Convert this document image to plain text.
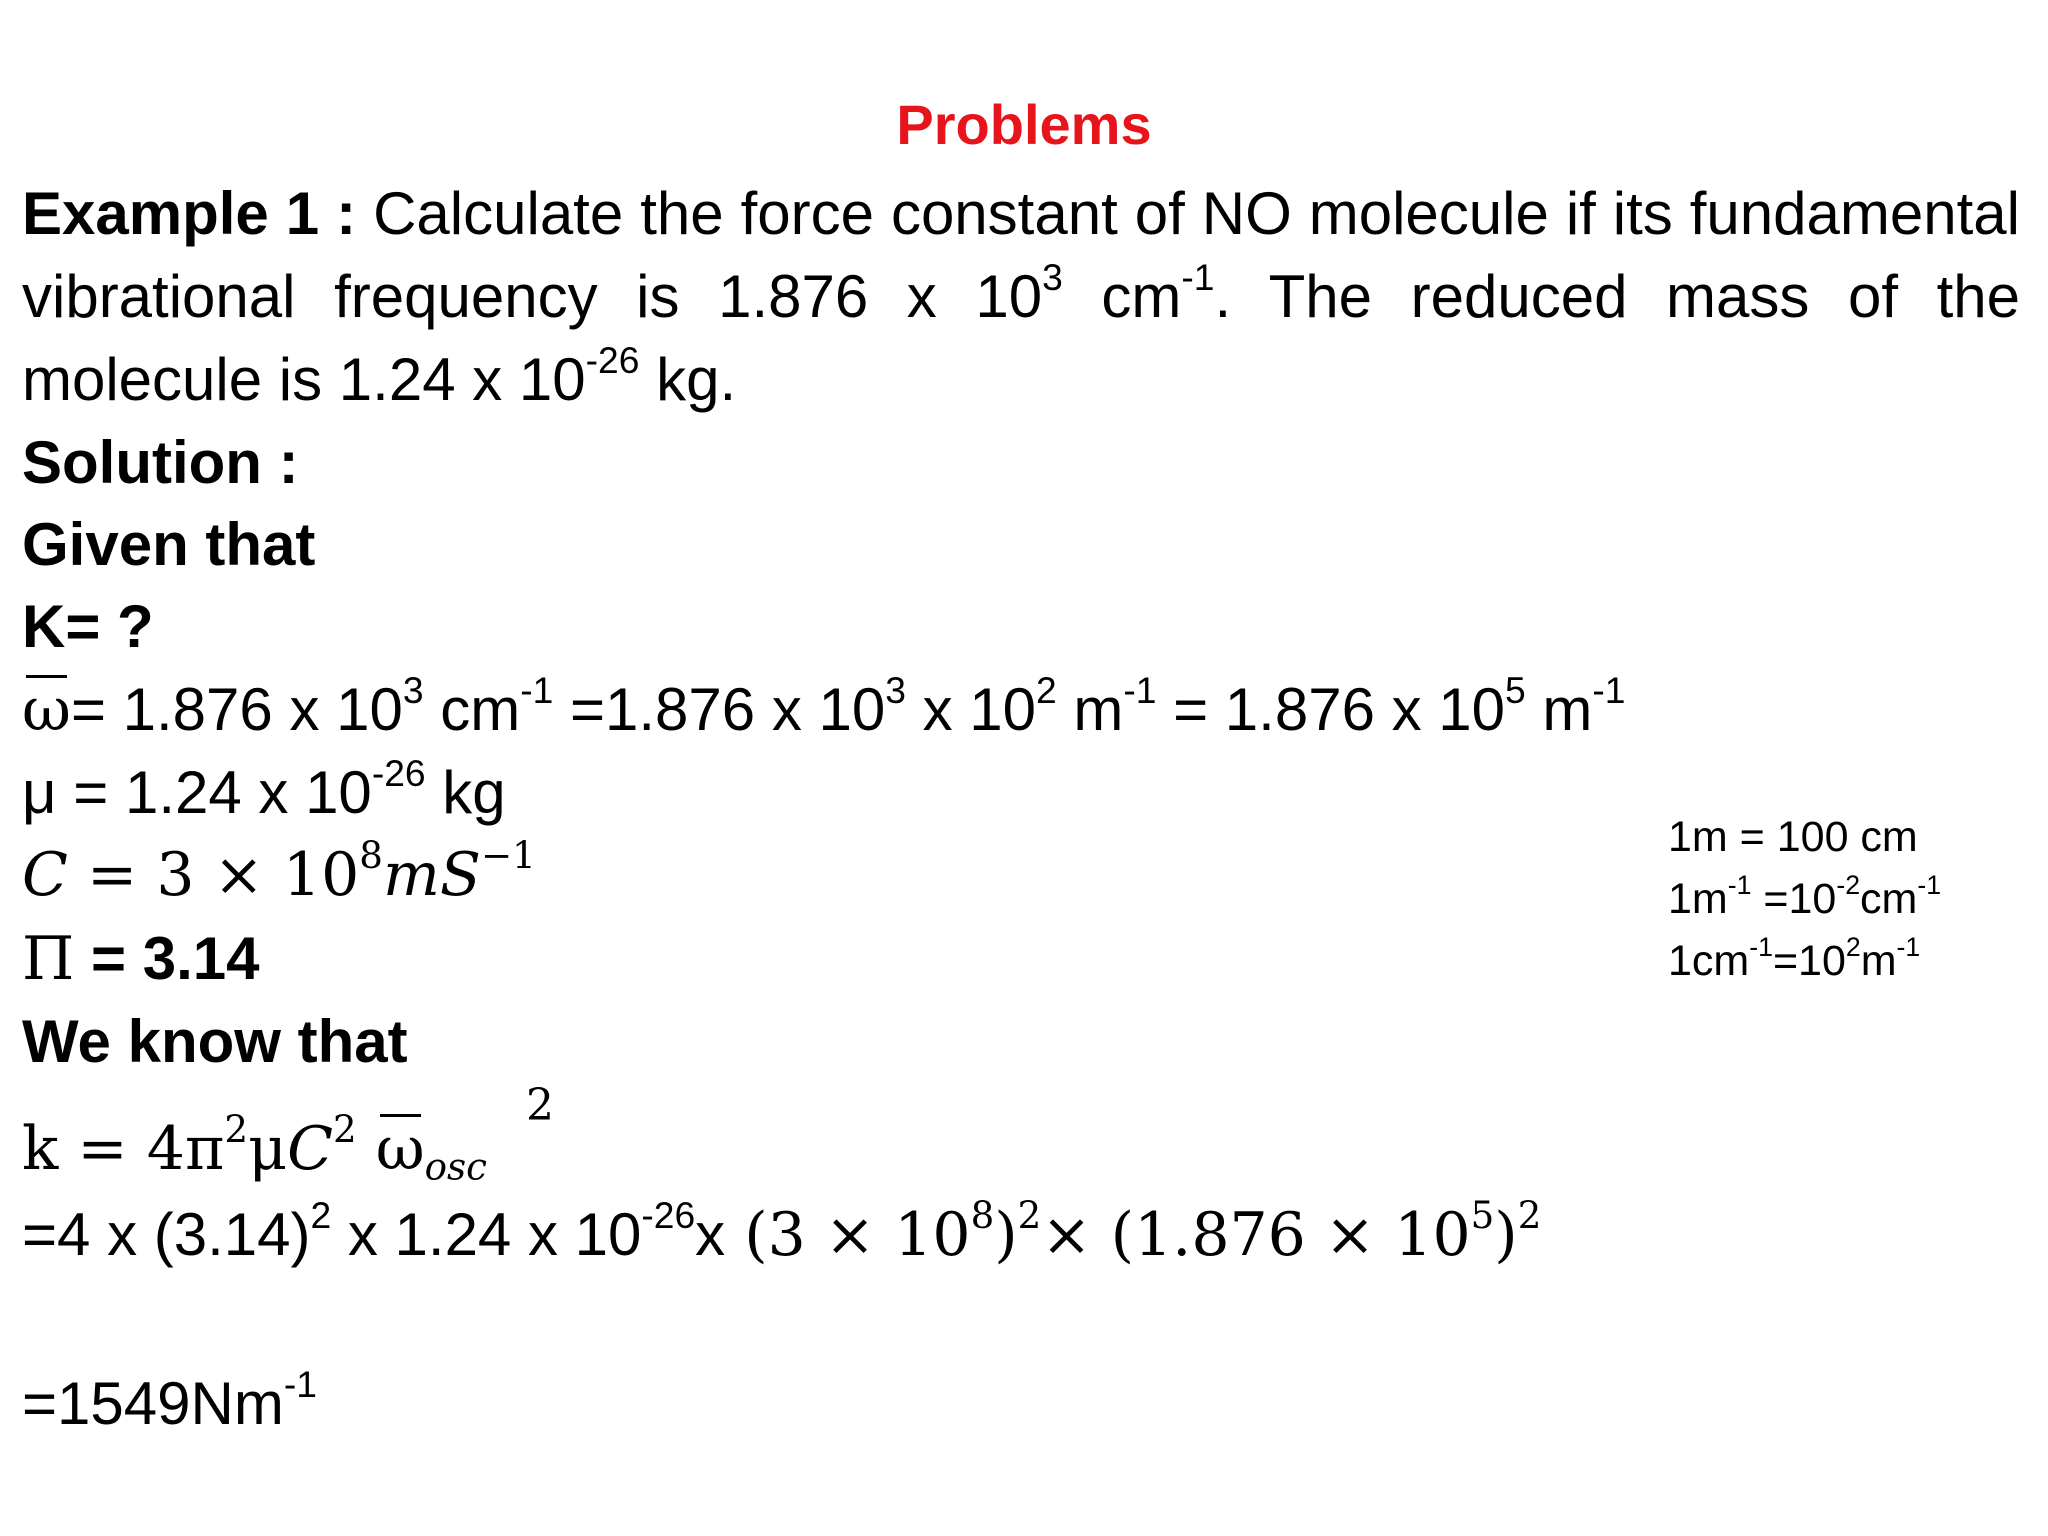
Problems
Example 1 : Calculate the force constant of NO molecule if its fundamental vibrational frequency is 1.876 x $10^3$ $cm^{-1}$. The reduced mass of the molecule is 1.24 x $10^{-26}$ kg.
Solution :
Given that
K= ?
ω= 1.876 x $10^3$ $cm^{-1} =1.876$ x $10^3$ x $10^2$ $m^{-1} = 1.876$ x $10^5$ $m^{-1}$
μ = 1.24 x $10^{-26}$ kg
$C = 3 \times 10^8mS^{-1}$
Π = 3.14
We know that
$k = 4\pi^2\mu C^2$ $\omega_{osc}$
2
=4 x $(3.14)^2$ x 1.24 x $10^{-26}x$ $(3 \times 10^8)^2\times (1.876 \times 10^5)^2$
$=1549Nm^{-1}$
1m = 100 cm
$1m^{-1} =10^{-2}cm^{-1}$
$1cm^{-1}=10^2m^{-1}$
